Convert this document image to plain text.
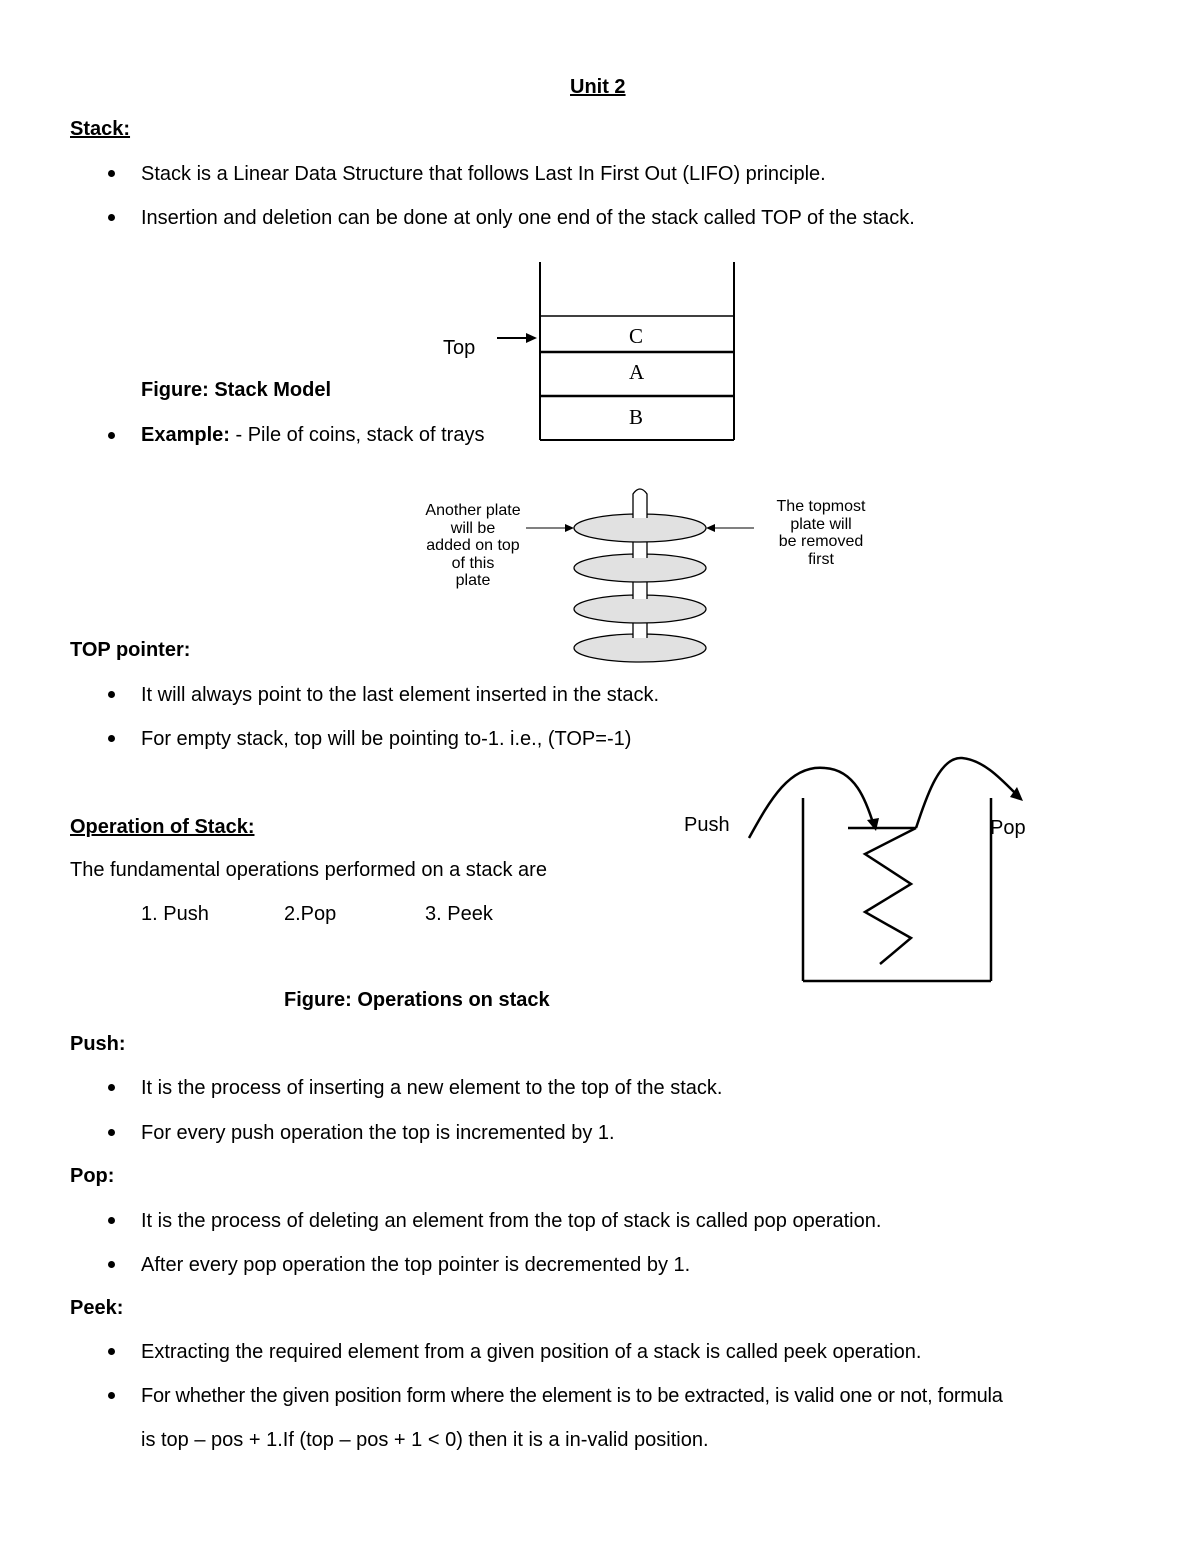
Unit 2
Stack:
Stack is a Linear Data Structure that follows Last In First Out (LIFO) principle.
Insertion and deletion can be done at only one end of the stack called TOP of the stack.
Top	C
A
B
Figure: Stack Model
Example: - Pile of coins, stack of trays
Another plate
will be
added on top
of this
plate
The topmost
plate will
be removed
first
TOP pointer:
It will always point to the last element inserted in the stack.
For empty stack, top will be pointing to-1. i.e., (TOP=-1)
Operation of Stack:
The fundamental operations performed on a stack are
1. Push	2.Pop	3. Peek
Figure: Operations on stack
Push	Pop
Push:
It is the process of inserting a new element to the top of the stack.
For every push operation the top is incremented by 1.
Pop:
It is the process of deleting an element from the top of stack is called pop operation.
After every pop operation the top pointer is decremented by 1.
Peek:
Extracting the required element from a given position of a stack is called peek operation.
For whether the given position form where the element is to be extracted, is valid one or not, formula
is top – pos + 1.If (top – pos + 1 < 0) then it is a in-valid position.
